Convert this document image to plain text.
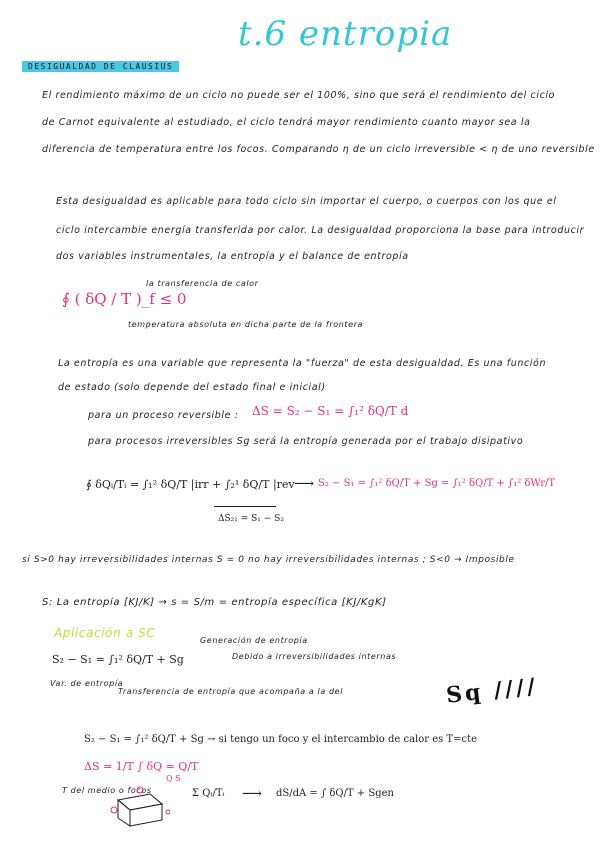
t.6 entropia
DESIGUALDAD DE CLAUSIUS
El rendimiento máximo de un ciclo no puede ser el 100%, sino que será el rendimiento del ciclo
de Carnot equivalente al estudiado, el ciclo tendrá mayor rendimiento cuanto mayor sea la
diferencia de temperatura entre los focos. Comparando η de un ciclo irreversible < η de uno reversible
Esta desigualdad es aplicable para todo ciclo sin importar el cuerpo, o cuerpos con los que el
ciclo intercambie energía transferida por calor. La desigualdad proporciona la base para introducir
dos variables instrumentales, la entropía y el balance de entropía
∮ ( δQ / T )_f ≤ 0
la transferencia de calor
temperatura absoluta en dicha parte de la frontera
La entropía es una variable que representa la "fuerza" de esta desigualdad. Es una función
de estado (solo depende del estado final e inicial)
para un proceso reversible : ΔS = S₂ − S₁ = ∫₁² δQ/T d
para procesos irreversibles Sg será la entropía generada por el trabajo disipativo
∮ δQᵢ/Tᵢ = ∫₁² δQ/T |irr + ∫₂¹ δQ/T |rev
ΔS₂₁ = S₁ − S₂
⟶ S₂ − S₁ = ∫₁² δQ/T + Sg = ∫₁² δQ/T + ∫₁² δWr/T
si S>0 hay irreversibilidades internas S = 0 no hay irreversibilidades internas ; S<0 → Imposible
S: La entropía [KJ/K] → s = S/m = entropía específica [KJ/KgK]
Aplicación a SC
S₂ − S₁ = ∫₁² δQ/T + Sg
Generación de entropía
Debido a irreversibilidades internas
Var. de entropía
Transferencia de entropía que acompaña a la del	Sq ////
S₂ − S₁ = ∫₁² δQ/T + Sg → si tengo un foco y el intercambio de calor es T=cte
ΔS = 1/T ∫ δQ = Q/T
Q S
T del medio o focos	Σ Qᵢ/Tᵢ ⟶ dS/dA = ∫ δQ/T + Sgen
